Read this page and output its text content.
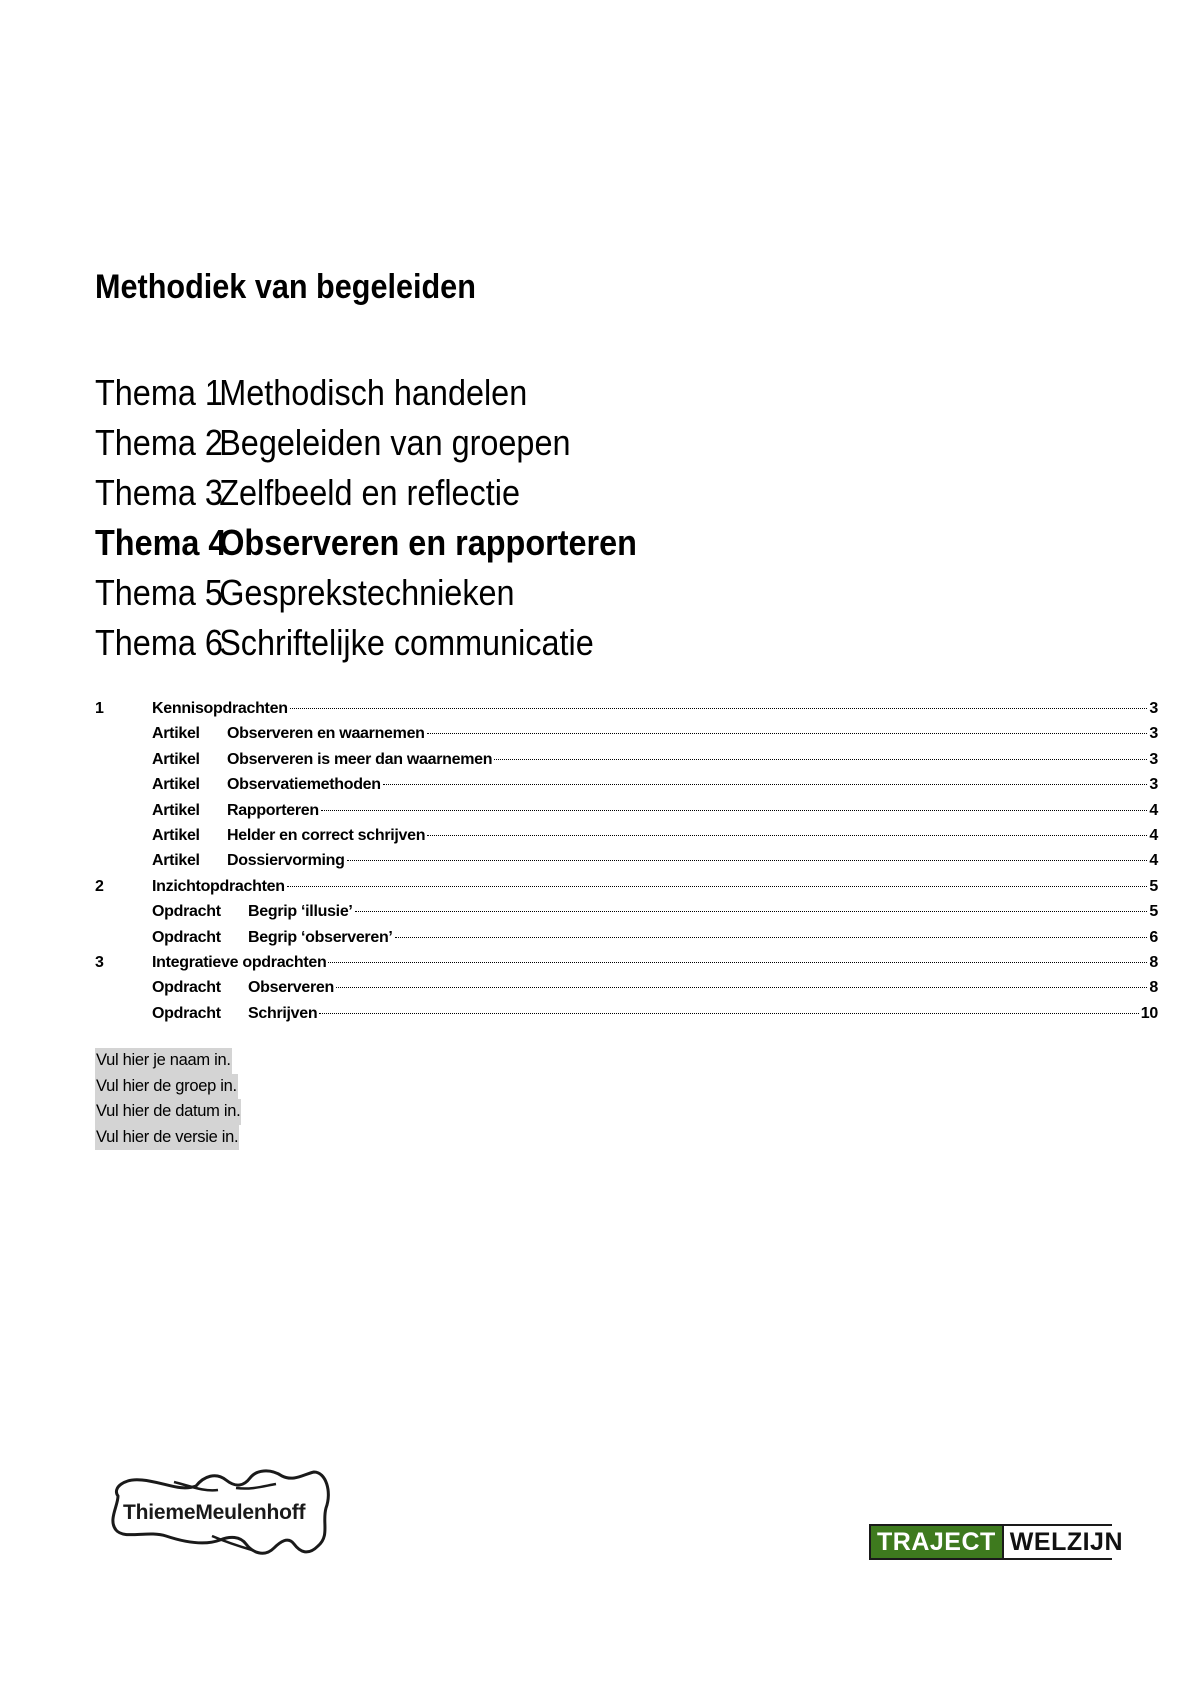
Methodiek van begeleiden
Thema 1Methodisch handelen
Thema 2Begeleiden van groepen
Thema 3Zelfbeeld en reflectie
Thema 4Observeren en rapporteren
Thema 5Gesprekstechnieken
Thema 6Schriftelijke communicatie
1	Kennisopdrachten	3
Artikel	Observeren en waarnemen	3
Artikel	Observeren is meer dan waarnemen	3
Artikel	Observatiemethoden	3
Artikel	Rapporteren	4
Artikel	Helder en correct schrijven	4
Artikel	Dossiervorming	4
2	Inzichtopdrachten	5
Opdracht	Begrip ‘illusie’	5
Opdracht	Begrip ‘observeren’	6
3	Integratieve opdrachten	8
Opdracht	Observeren	8
Opdracht	Schrijven	10
Vul hier je naam in.
Vul hier de groep in.
Vul hier de datum in.
Vul hier de versie in.
ThiemeMeulenhoff
TRAJECT WELZIJN
